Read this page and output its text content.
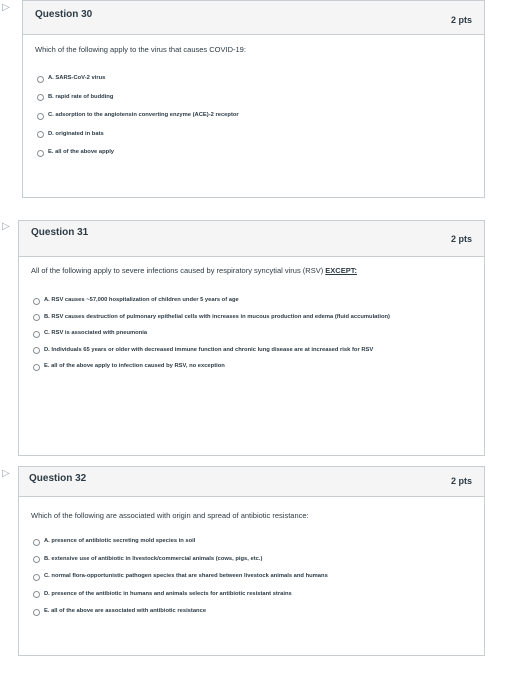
▷
Question 30	2 pts
Which of the following apply to the virus that causes COVID-19:
A. SARS-CoV-2 virus
B. rapid rate of budding
C. adsorption to the angiotensin converting enzyme (ACE)-2 receptor
D. originated in bats
E. all of the above apply
▷
Question 31
2 pts
All of the following apply to severe infections caused by respiratory syncytial virus (RSV) EXCEPT:
A. RSV causes ~57,000 hospitalization of children under 5 years of age
B. RSV causes destruction of pulmonary epithelial cells with increases in mucous production and edema (fluid accumulation)
C. RSV is associated with pneumonia
D. Individuals 65 years or older with decreased immune function and chronic lung disease are at increased risk for RSV
E. all of the above apply to infection caused by RSV, no exception
▷ Question 32	2 pts
Which of the following are associated with origin and spread of antibiotic resistance:
A. presence of antibiotic secreting mold species in soil
B. extensive use of antibiotic in livestock/commercial animals (cows, pigs, etc.)
C. normal flora-opportunistic pathogen species that are shared between livestock animals and humans
D. presence of the antibiotic in humans and animals selects for antibiotic resistant strains
E. all of the above are associated with antibiotic resistance
